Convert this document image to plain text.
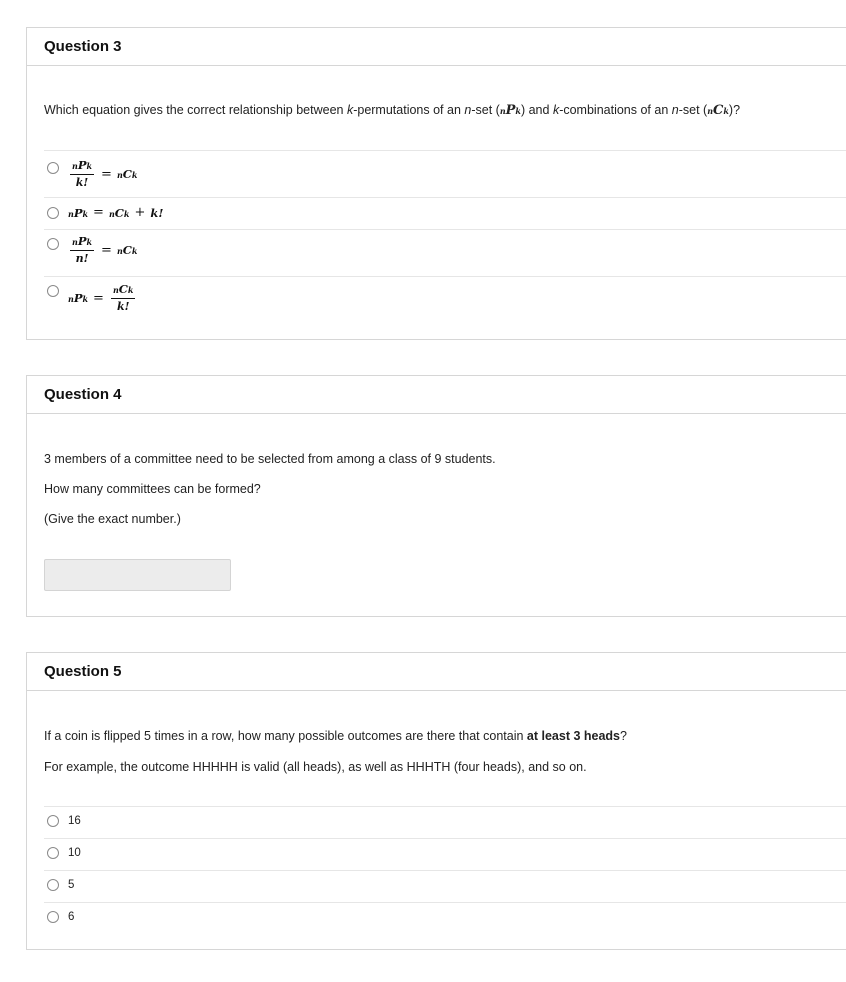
Question 3
Which equation gives the correct relationship between k-permutations of an n-set (nPk) and k-combinations of an n-set (nCk)?
$\frac{\text{nPk}}{k!}$ = nCk
nPk = nCk + k!
$\frac{\text{nPk}}{n!}$ = nCk
nPk = $\frac{\text{nCk}}{k!}$
Question 4
3 members of a committee need to be selected from among a class of 9 students.
How many committees can be formed?
(Give the exact number.)
Question 5
If a coin is flipped 5 times in a row, how many possible outcomes are there that contain at least 3 heads?
For example, the outcome HHHHH is valid (all heads), as well as HHHTH (four heads), and so on.
16
10
5
6
